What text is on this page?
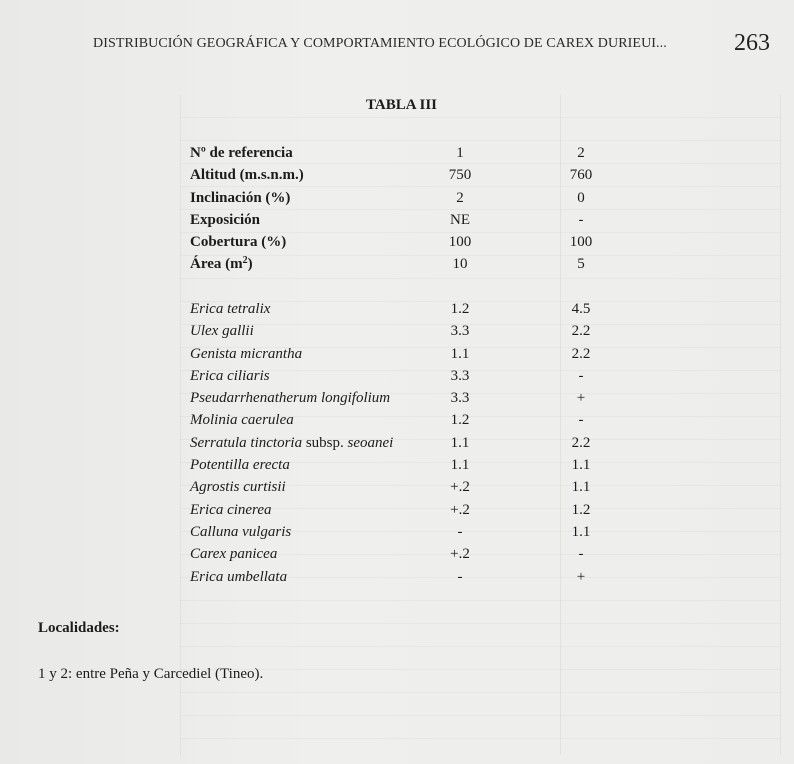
DISTRIBUCIÓN GEOGRÁFICA Y COMPORTAMIENTO ECOLÓGICO DE CAREX DURIEUI...	263
TABLA III
Nº de referencia	1	2
Altitud (m.s.n.m.)	750	760
Inclinación (%)	2	0
Exposición	NE	-
Cobertura (%)	100	100
Área $(m^2)$	10	5
Erica tetralix	1.2	4.5
Ulex gallii	3.3	2.2
Genista micrantha	1.1	2.2
Erica ciliaris	3.3	-
Pseudarrhenatherum longifolium	3.3	+
Molinia caerulea	1.2	-
Serratula tinctoria subsp. seoanei	1.1	2.2
Potentilla erecta	1.1	1.1
Agrostis curtisii	+.2	1.1
Erica cinerea	+.2	1.2
Calluna vulgaris	-	1.1
Carex panicea	+.2	-
Erica umbellata	-	+
Localidades:
1 y 2: entre Peña y Carcediel (Tineo).
